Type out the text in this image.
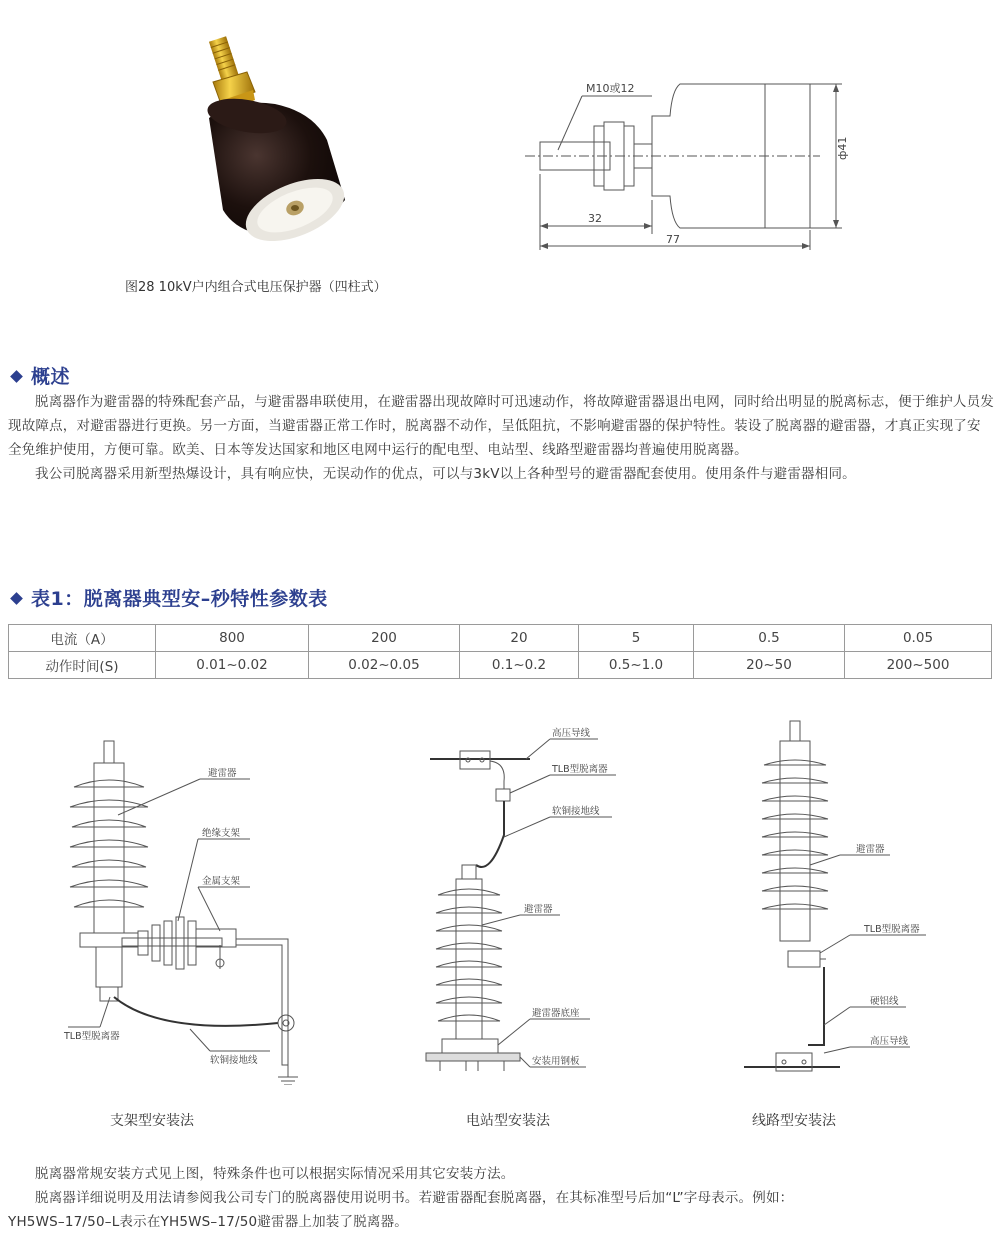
图28 10kV户内组合式电压保护器（四柱式）
M10或12
ф41
32
77
概述

脱离器作为避雷器的特殊配套产品，与避雷器串联使用，在避雷器出现故障时可迅速动作，将故障避雷器退出电网，同时给出明显的脱离标志，便于维护人员发现故障点，对避雷器进行更换。另一方面，当避雷器正常工作时，脱离器不动作，呈低阻抗，不影响避雷器的保护特性。装设了脱离器的避雷器，才真正实现了安全免维护使用，方便可靠。欧美、日本等发达国家和地区电网中运行的配电型、电站型、线路型避雷器均普遍使用脱离器。

我公司脱离器采用新型热爆设计，具有响应快，无误动作的优点，可以与3kV以上各种型号的避雷器配套使用。使用条件与避雷器相同。

表1：脱离器典型安–秒特性参数表
电流（A）	800	200	20	5	0.5	0.05
动作时间(S)	0.01~0.02	0.02~0.05	0.1~0.2	0.5~1.0	20~50	200~500
避雷器
绝缘支架
金属支架
TLB型脱离器
软铜接地线
支架型安装法
高压导线
TLB型脱离器
软铜接地线
避雷器
避雷器底座
安装用钢板
电站型安装法
避雷器
TLB型脱离器
硬铝线
高压导线
线路型安装法

脱离器常规安装方式见上图，特殊条件也可以根据实际情况采用其它安装方法。

脱离器详细说明及用法请参阅我公司专门的脱离器使用说明书。若避雷器配套脱离器，在其标准型号后加“L”字母表示。例如：

YH5WS–17/50–L表示在YH5WS–17/50避雷器上加装了脱离器。
